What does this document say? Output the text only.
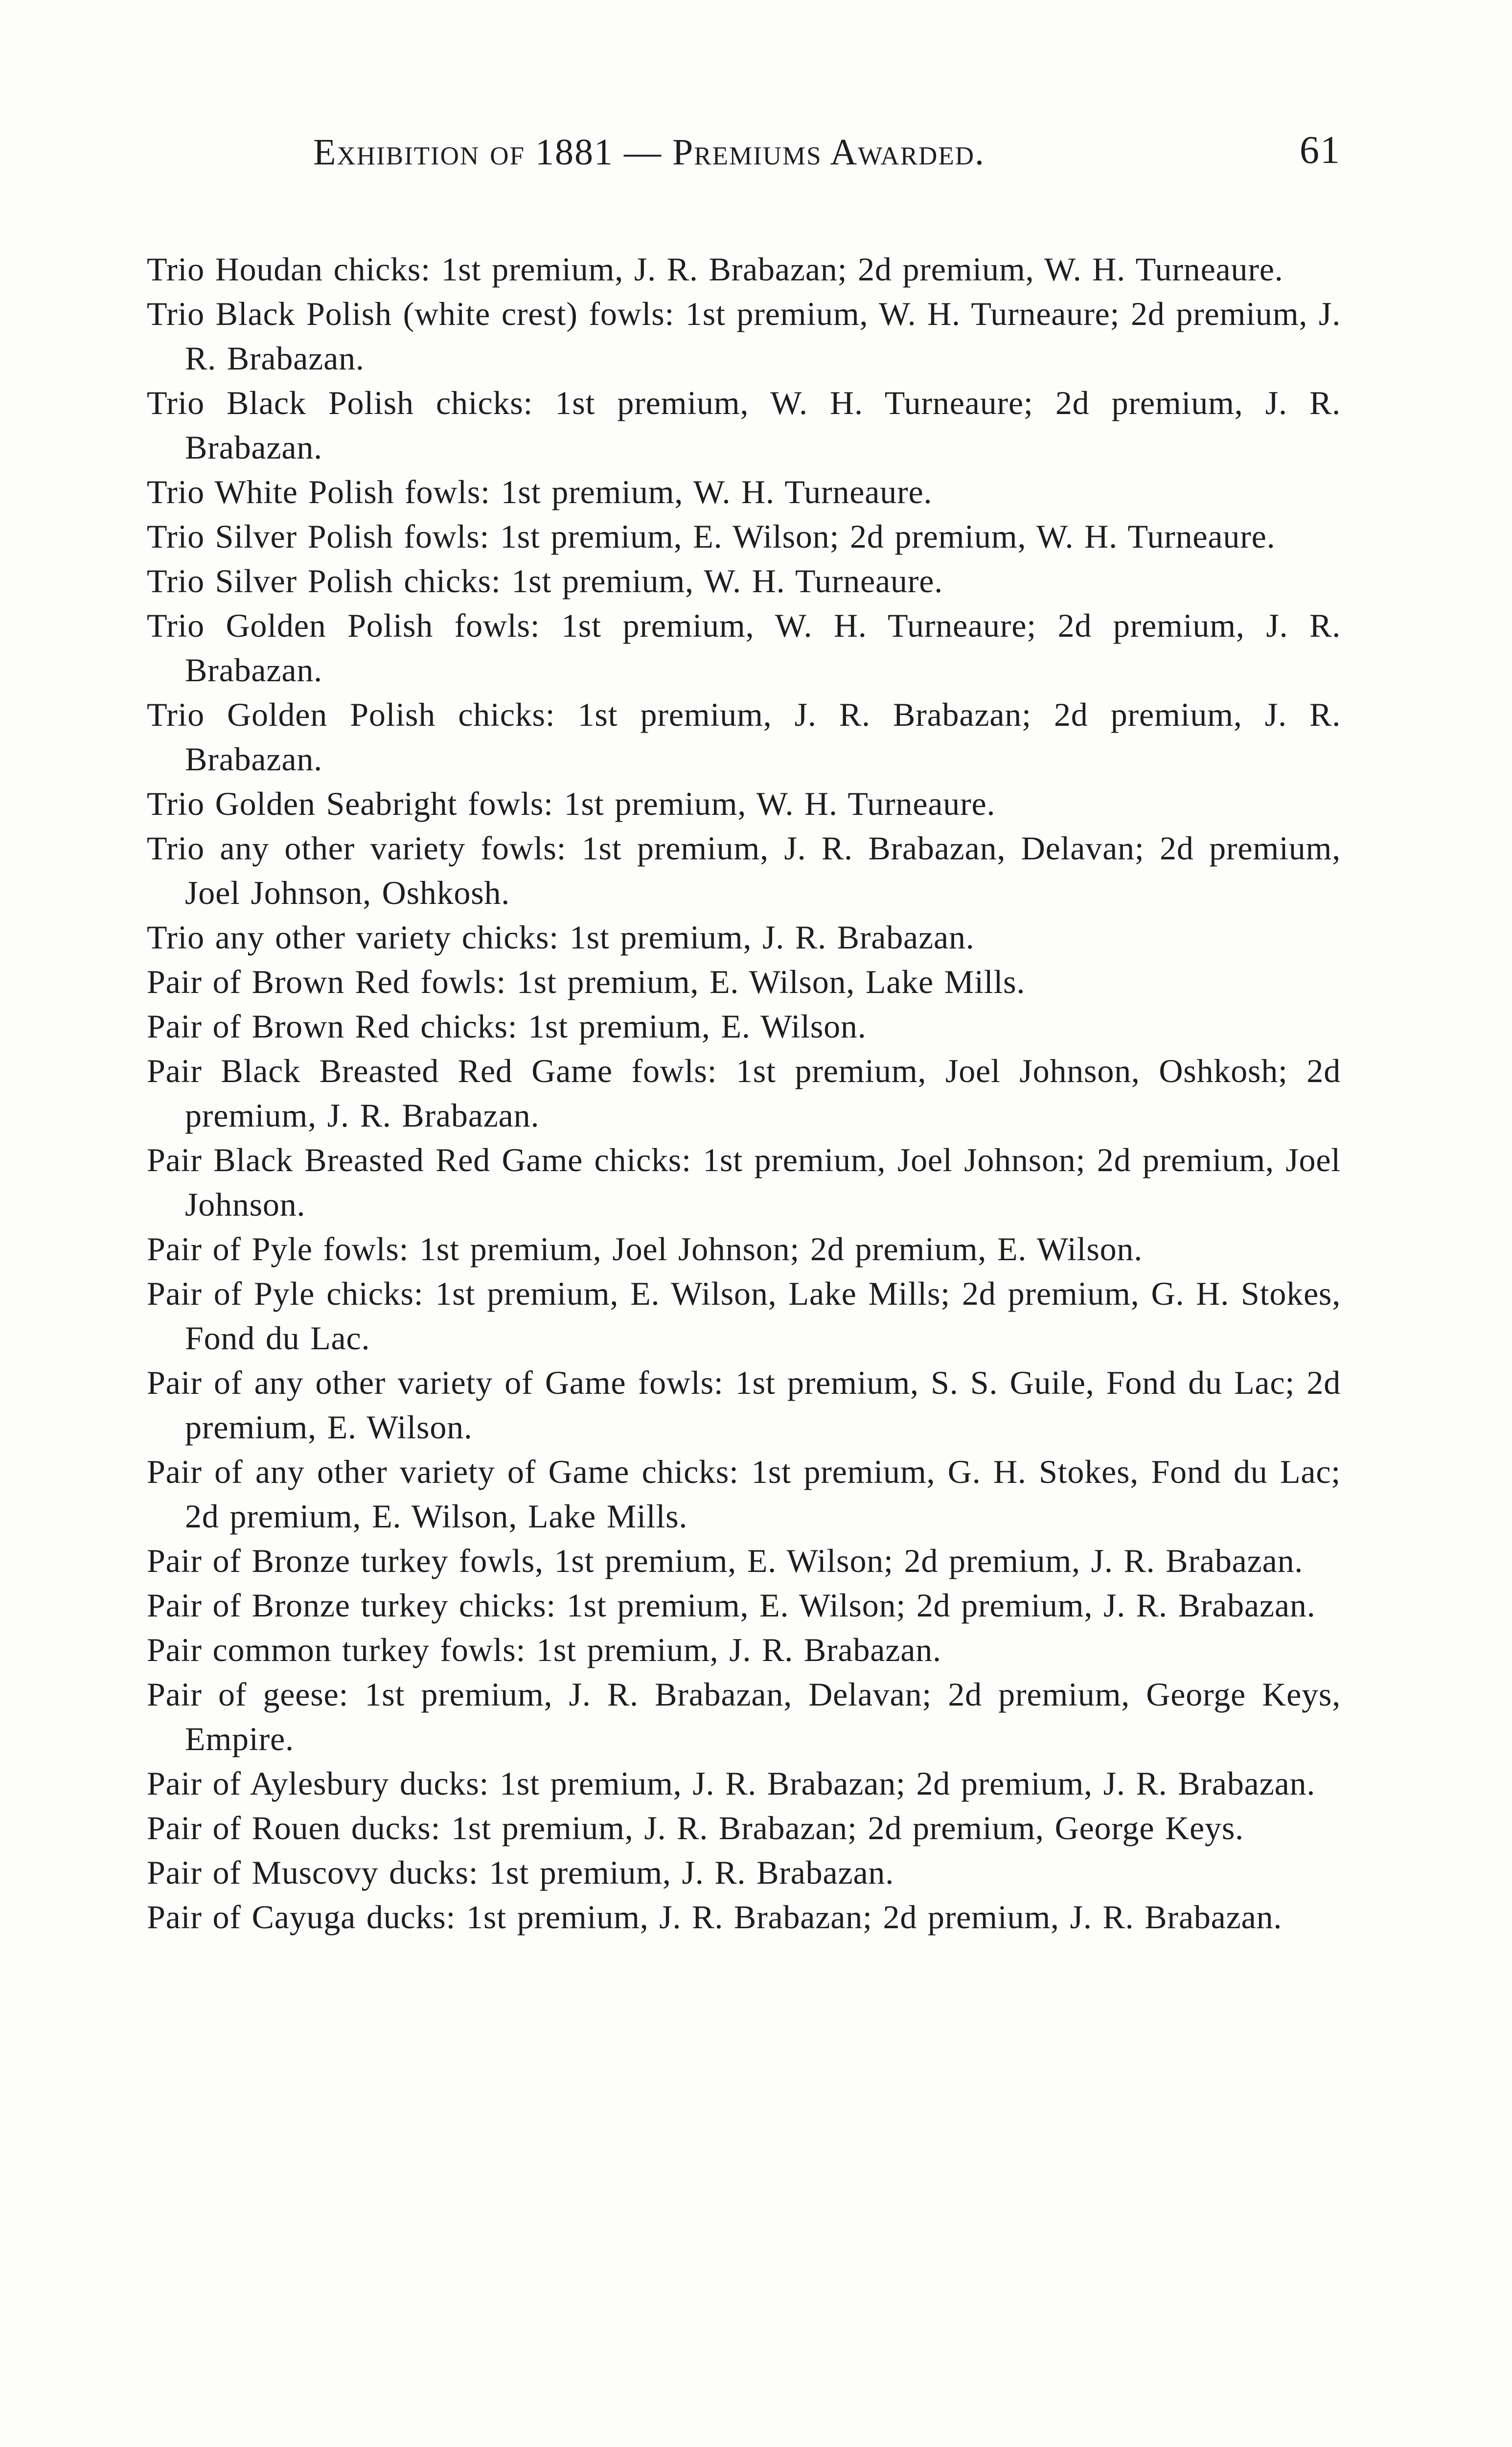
Exhibition of 1881 — Premiums Awarded.	61
Trio Houdan chicks: 1st premium, J. R. Brabazan; 2d premium, W. H. Turneaure.
Trio Black Polish (white crest) fowls: 1st premium, W. H. Turneaure; 2d premium, J. R. Brabazan.
Trio Black Polish chicks: 1st premium, W. H. Turneaure; 2d premium, J. R. Brabazan.
Trio White Polish fowls: 1st premium, W. H. Turneaure.
Trio Silver Polish fowls: 1st premium, E. Wilson; 2d premium, W. H. Turneaure.
Trio Silver Polish chicks: 1st premium, W. H. Turneaure.
Trio Golden Polish fowls: 1st premium, W. H. Turneaure; 2d premium, J. R. Brabazan.
Trio Golden Polish chicks: 1st premium, J. R. Brabazan; 2d premium, J. R. Brabazan.
Trio Golden Seabright fowls: 1st premium, W. H. Turneaure.
Trio any other variety fowls: 1st premium, J. R. Brabazan, Delavan; 2d premium, Joel Johnson, Oshkosh.
Trio any other variety chicks: 1st premium, J. R. Brabazan.
Pair of Brown Red fowls: 1st premium, E. Wilson, Lake Mills.
Pair of Brown Red chicks: 1st premium, E. Wilson.
Pair Black Breasted Red Game fowls: 1st premium, Joel Johnson, Oshkosh; 2d premium, J. R. Brabazan.
Pair Black Breasted Red Game chicks: 1st premium, Joel Johnson; 2d premium, Joel Johnson.
Pair of Pyle fowls: 1st premium, Joel Johnson; 2d premium, E. Wilson.
Pair of Pyle chicks: 1st premium, E. Wilson, Lake Mills; 2d premium, G. H. Stokes, Fond du Lac.
Pair of any other variety of Game fowls: 1st premium, S. S. Guile, Fond du Lac; 2d premium, E. Wilson.
Pair of any other variety of Game chicks: 1st premium, G. H. Stokes, Fond du Lac; 2d premium, E. Wilson, Lake Mills.
Pair of Bronze turkey fowls, 1st premium, E. Wilson; 2d premium, J. R. Brabazan.
Pair of Bronze turkey chicks: 1st premium, E. Wilson; 2d premium, J. R. Brabazan.
Pair common turkey fowls: 1st premium, J. R. Brabazan.
Pair of geese: 1st premium, J. R. Brabazan, Delavan; 2d premium, George Keys, Empire.
Pair of Aylesbury ducks: 1st premium, J. R. Brabazan; 2d premium, J. R. Brabazan.
Pair of Rouen ducks: 1st premium, J. R. Brabazan; 2d premium, George Keys.
Pair of Muscovy ducks: 1st premium, J. R. Brabazan.
Pair of Cayuga ducks: 1st premium, J. R. Brabazan; 2d premium, J. R. Brabazan.
